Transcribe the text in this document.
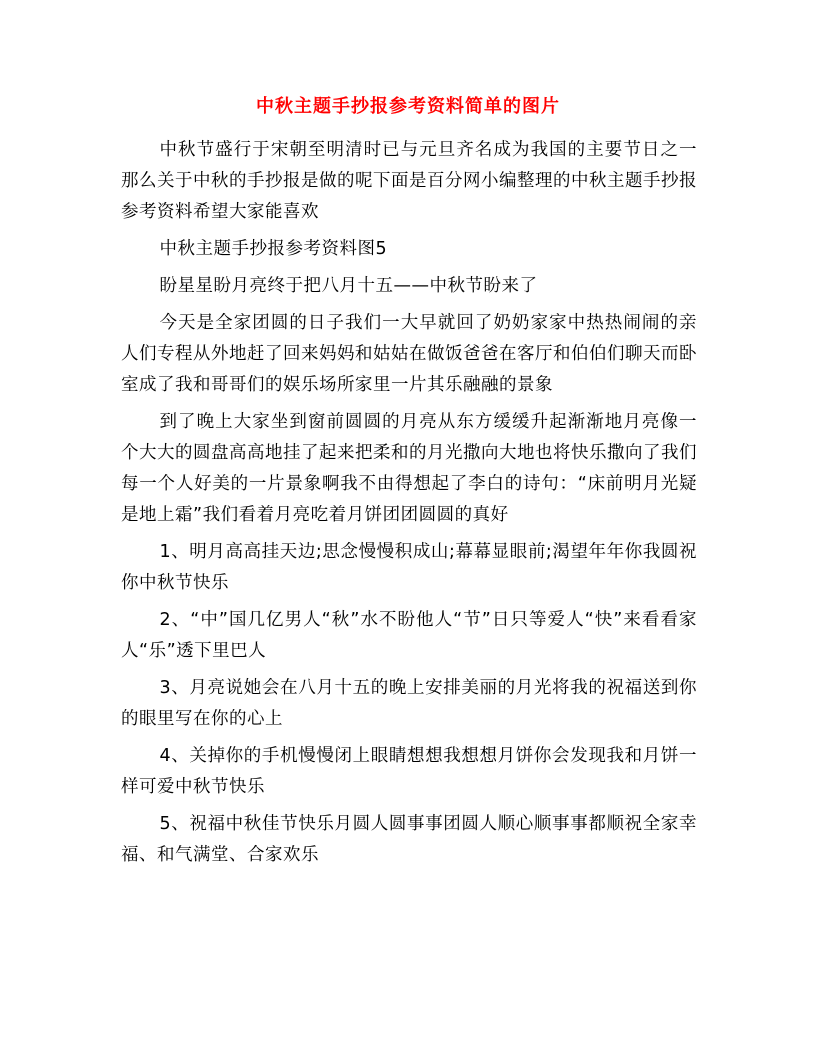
中秋主题手抄报参考资料简单的图片

中秋节盛行于宋朝至明清时已与元旦齐名成为我国的主要节日之一那么关于中秋的手抄报是做的呢下面是百分网小编整理的中秋主题手抄报参考资料希望大家能喜欢

中秋主题手抄报参考资料图5

盼星星盼月亮终于把八月十五——中秋节盼来了

今天是全家团圆的日子我们一大早就回了奶奶家家中热热闹闹的亲人们专程从外地赶了回来妈妈和姑姑在做饭爸爸在客厅和伯伯们聊天而卧室成了我和哥哥们的娱乐场所家里一片其乐融融的景象

到了晚上大家坐到窗前圆圆的月亮从东方缓缓升起渐渐地月亮像一个大大的圆盘高高地挂了起来把柔和的月光撒向大地也将快乐撒向了我们每一个人好美的一片景象啊我不由得想起了李白的诗句：“床前明月光疑是地上霜”我们看着月亮吃着月饼团团圆圆的真好

1、明月高高挂天边;思念慢慢积成山;幕幕显眼前;渴望年年你我圆祝你中秋节快乐

2、“中”国几亿男人“秋”水不盼他人“节”日只等爱人“快”来看看家人“乐”透下里巴人

3、月亮说她会在八月十五的晚上安排美丽的月光将我的祝福送到你的眼里写在你的心上

4、关掉你的手机慢慢闭上眼睛想想我想想月饼你会发现我和月饼一样可爱中秋节快乐

5、祝福中秋佳节快乐月圆人圆事事团圆人顺心顺事事都顺祝全家幸福、和气满堂、合家欢乐
